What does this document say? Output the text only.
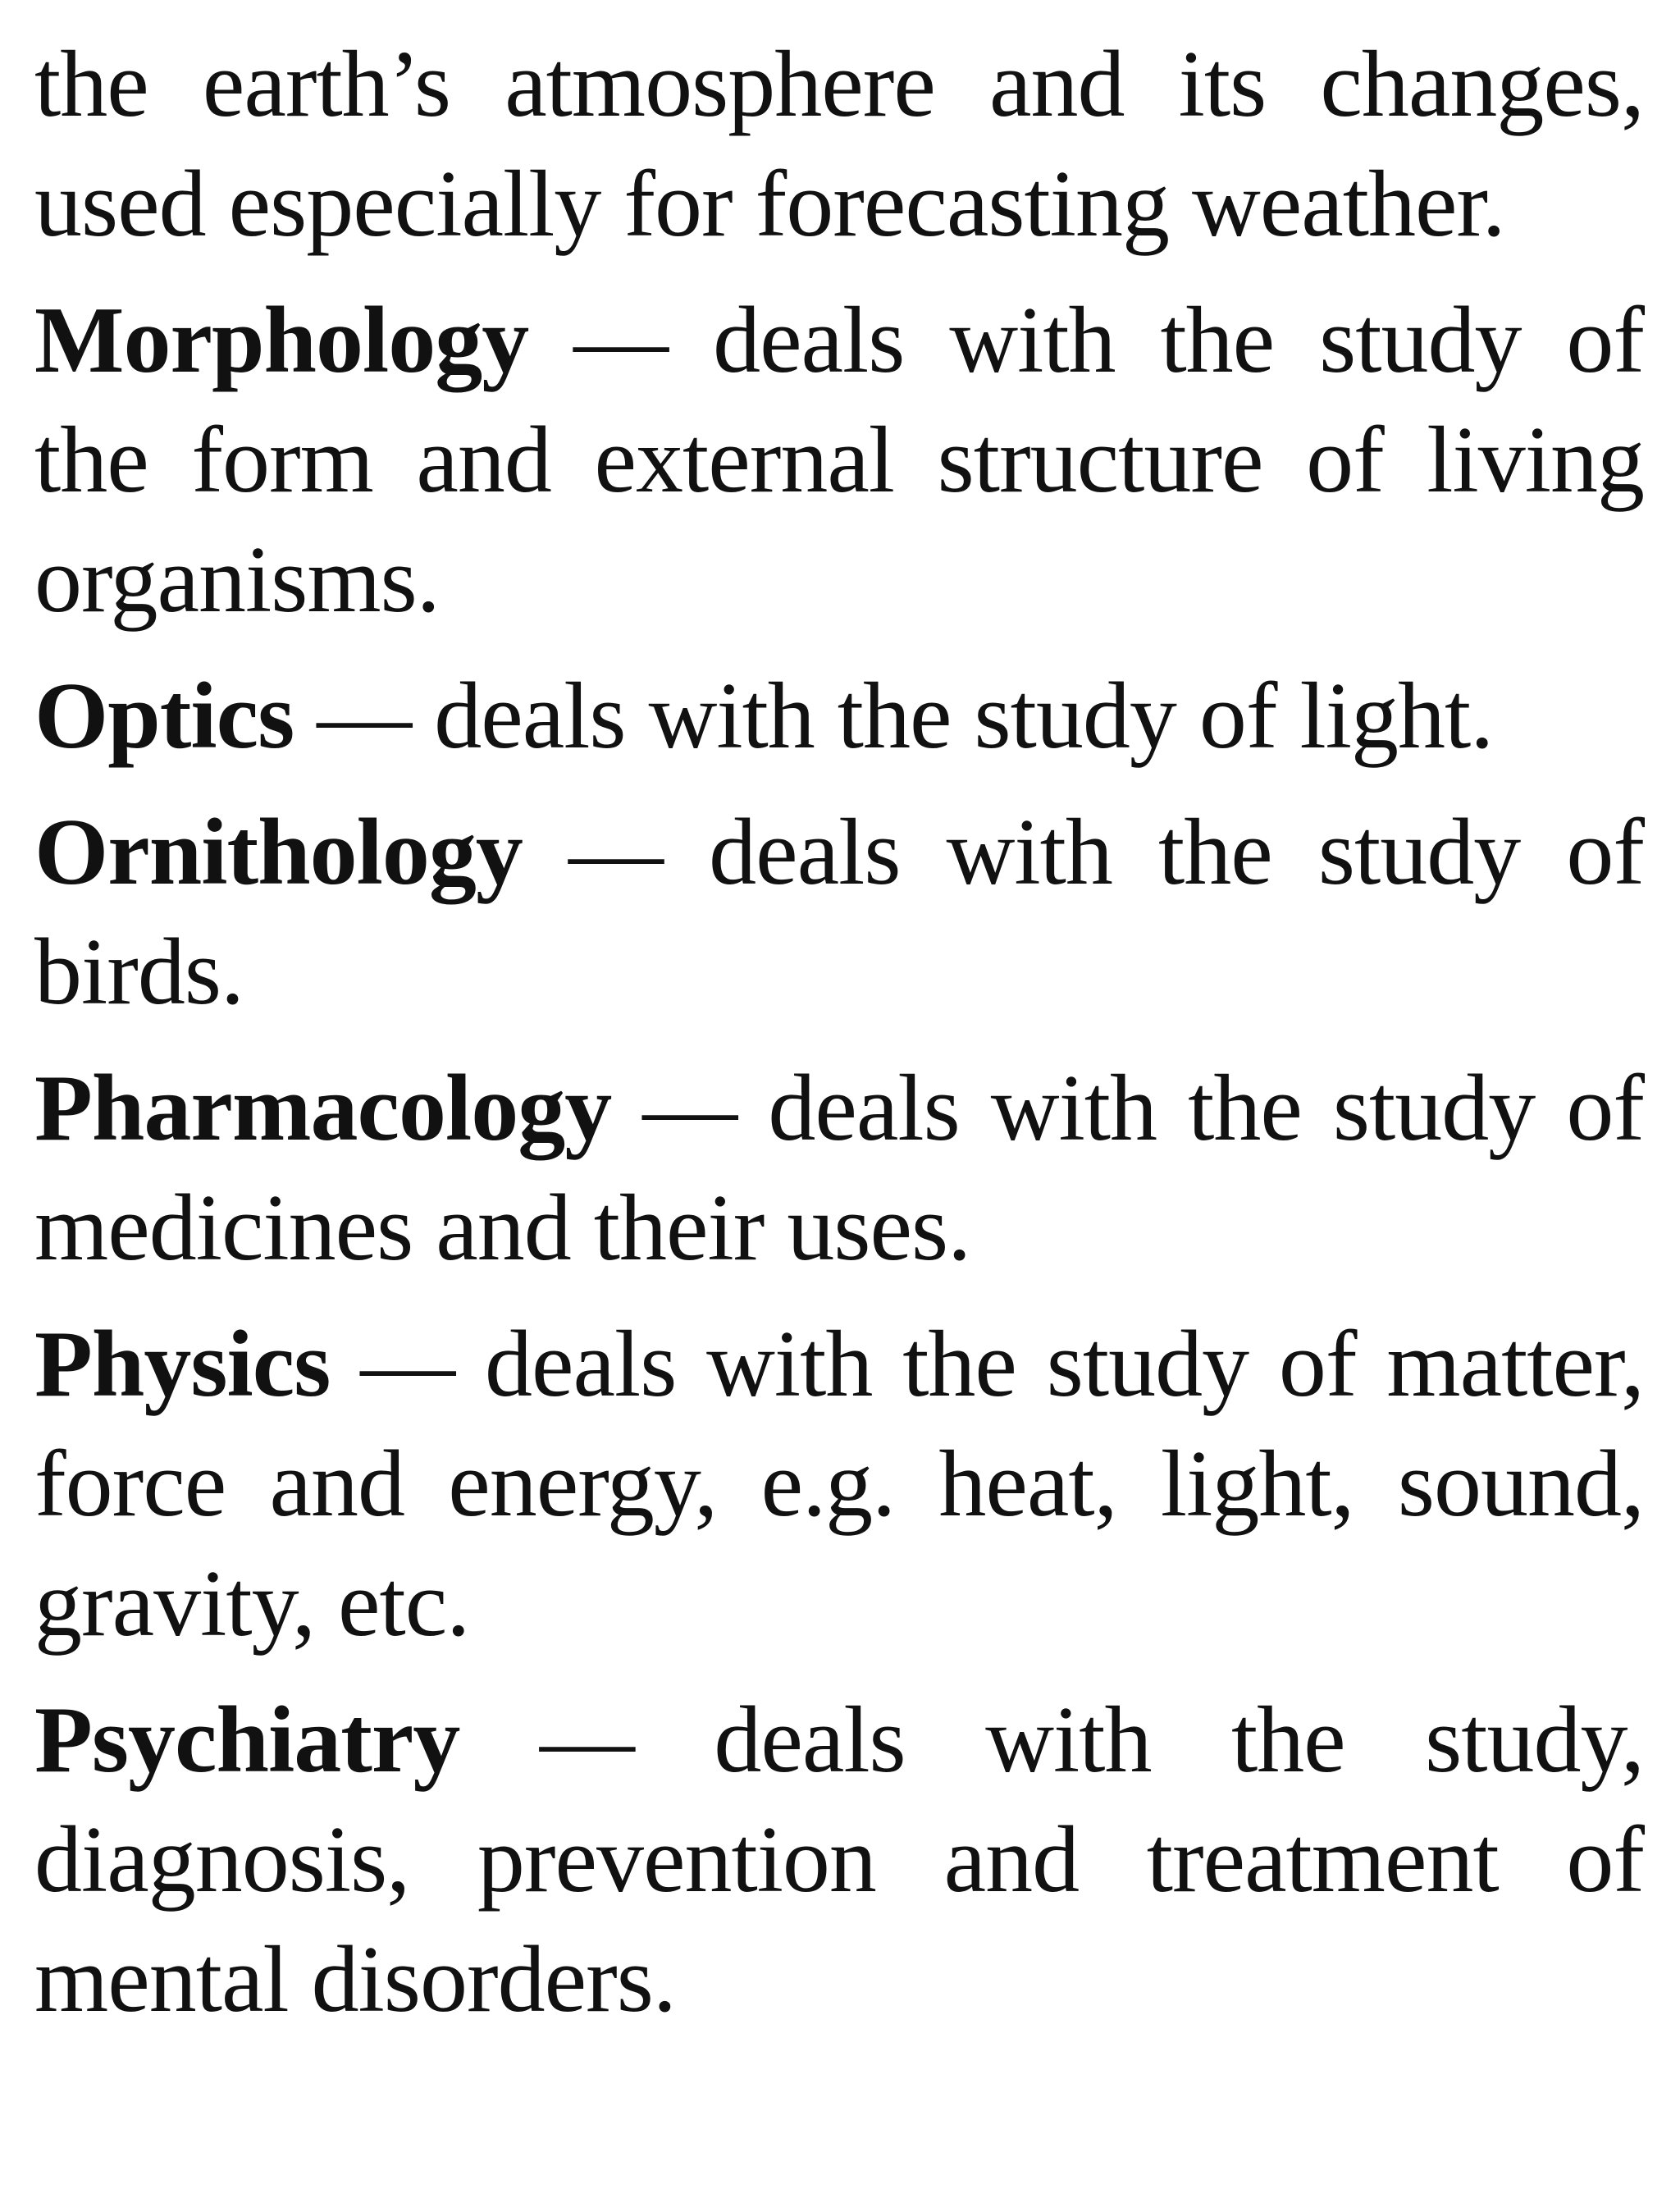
the earth’s atmosphere and its changes, used especially for forecasting weather.

Morphology — deals with the study of the form and external structure of living organisms.

Optics — deals with the study of light.

Ornithology — deals with the study of birds.

Pharmacology — deals with the study of medicines and their uses.

Physics — deals with the study of matter, force and energy, e.g. heat, light, sound, gravity, etc.

Psychiatry — deals with the study, diagnosis, prevention and treatment of mental disorders.
